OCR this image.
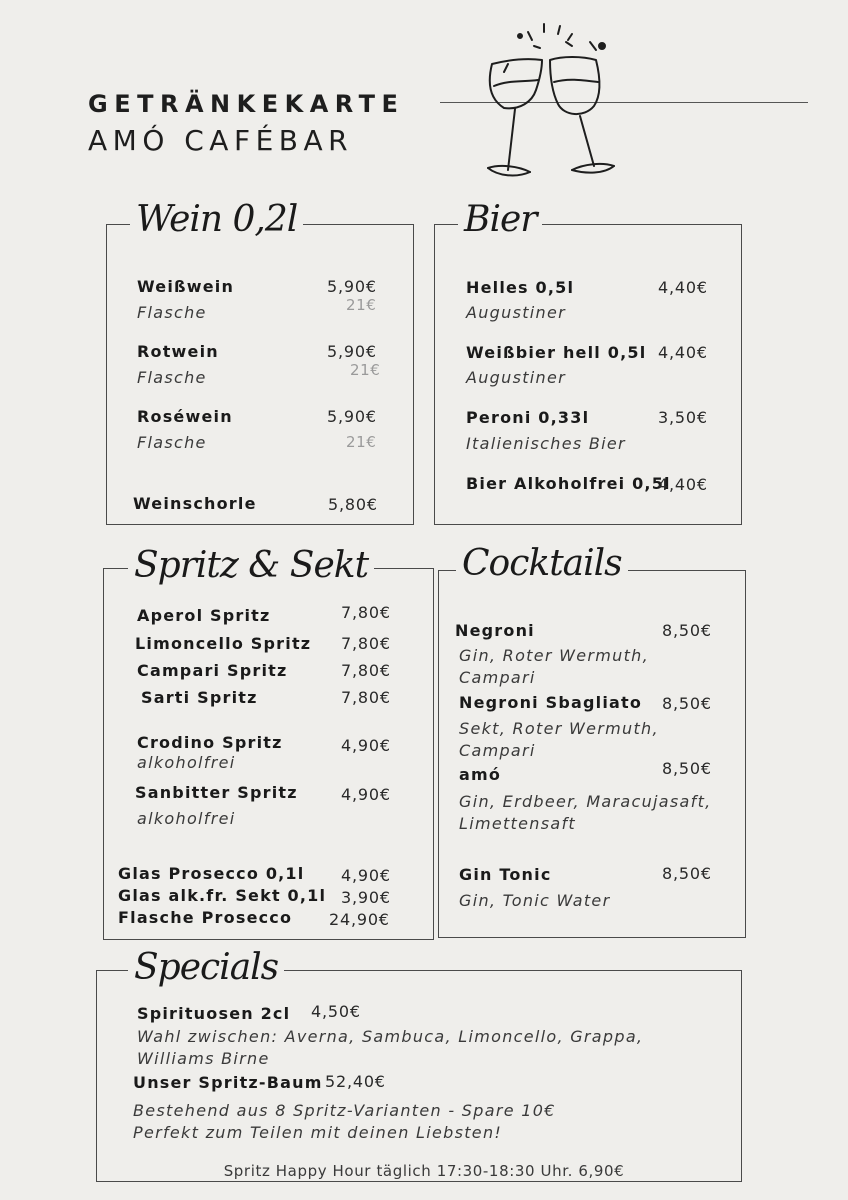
GETRÄNKEKARTE
AMÓ CAFÉBAR
Wein 0,2l
Weißwein	5,90€
21€
Flasche
Rotwein	5,90€
21€
Flasche
Roséwein	5,90€
21€
Flasche
Weinschorle	5,80€
Bier
Helles 0,5l	4,40€
Augustiner
Weißbier hell 0,5l 4,40€
Augustiner
Peroni 0,33l	3,50€
Italienisches Bier
Bier Alkoholfrei 0,5l
4,40€
Spritz & Sekt
Aperol Spritz	7,80€
Limoncello Spritz 7,80€
Campari Spritz	7,80€
Sarti Spritz	7,80€
Crodino Spritz	4,90€
alkoholfrei
Sanbitter Spritz	4,90€
alkoholfrei
Glas Prosecco 0,1l 4,90€
Glas alk.fr. Sekt 0,1l 3,90€
Flasche Prosecco 24,90€
Cocktails
Negroni	8,50€
Gin, Roter Wermuth,
Campari
Negroni Sbagliato 8,50€
Sekt, Roter Wermuth,
Campari
amó	8,50€
Gin, Erdbeer, Maracujasaft,
Limettensaft
Gin Tonic	8,50€
Gin, Tonic Water
Specials
Spirituosen 2cl 4,50€
Wahl zwischen: Averna, Sambuca, Limoncello, Grappa,
Williams Birne
Unser Spritz-Baum 52,40€
Bestehend aus 8 Spritz-Varianten - Spare 10€
Perfekt zum Teilen mit deinen Liebsten!
Spritz Happy Hour täglich 17:30-18:30 Uhr. 6,90€
